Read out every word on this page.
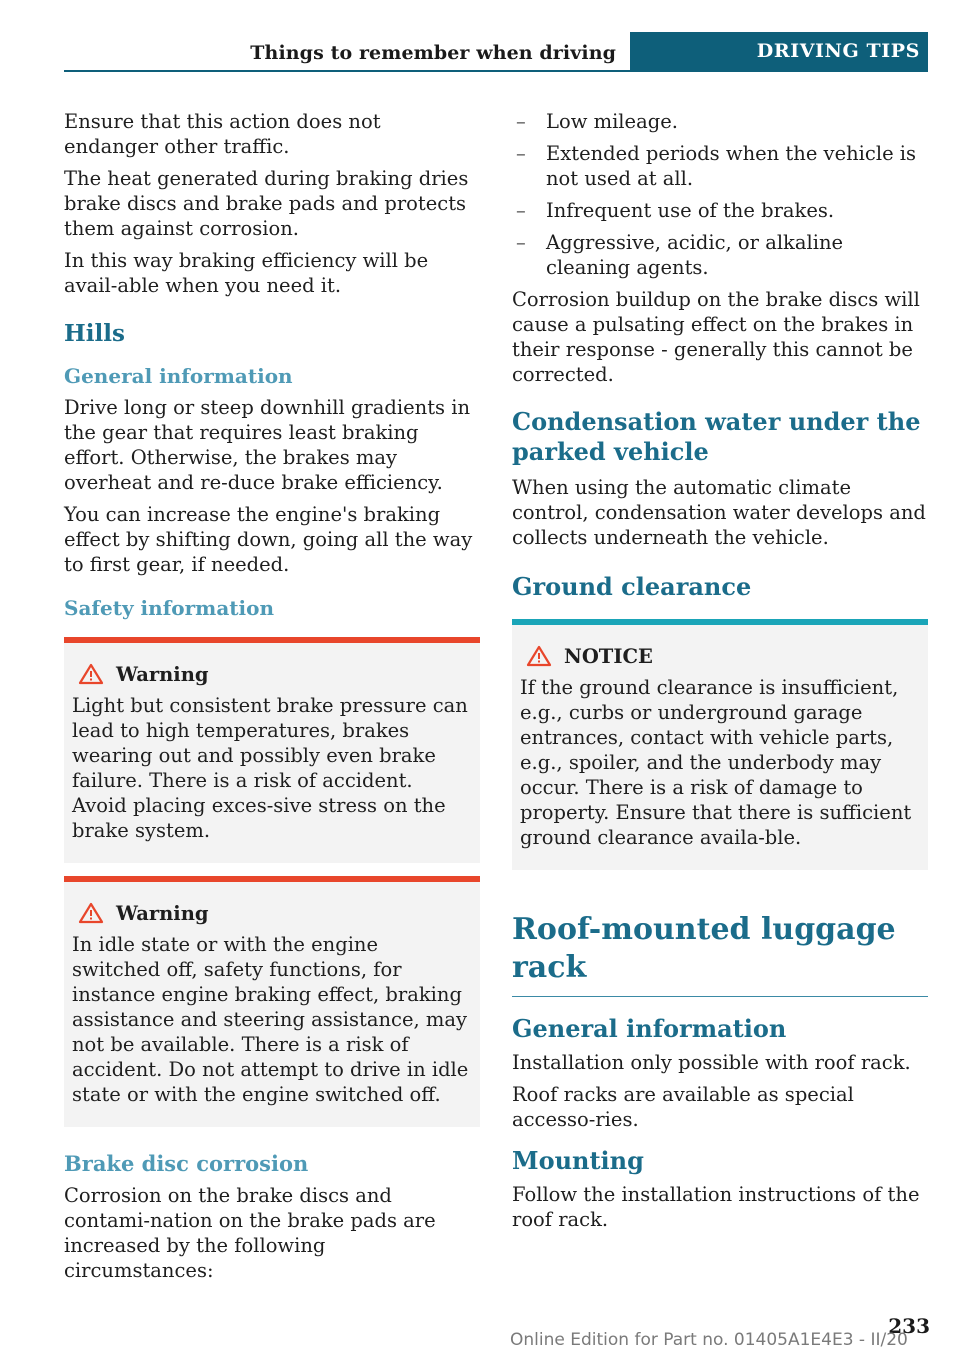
Things to remember when driving	DRIVING TIPS

Ensure that this action does not endanger other traffic.

The heat generated during braking dries brake discs and brake pads and protects them against corrosion.

In this way braking efficiency will be avail-able when you need it.

Hills
General information

Drive long or steep downhill gradients in the gear that requires least braking effort. Otherwise, the brakes may overheat and re-duce brake efficiency.

You can increase the engine's braking effect by shifting down, going all the way to first gear, if needed.

Safety information
Warning

Light but consistent brake pressure can lead to high temperatures, brakes wearing out and possibly even brake failure. There is a risk of accident. Avoid placing exces-sive stress on the brake system.

Warning

In idle state or with the engine switched off, safety functions, for instance engine braking effect, braking assistance and steering assistance, may not be available. There is a risk of accident. Do not attempt to drive in idle state or with the engine switched off.

Brake disc corrosion

Corrosion on the brake discs and contami-nation on the brake pads are increased by the following circumstances:

– Low mileage.
– Extended periods when the vehicle is not used at all.
– Infrequent use of the brakes.
– Aggressive, acidic, or alkaline cleaning agents.

Corrosion buildup on the brake discs will cause a pulsating effect on the brakes in their response - generally this cannot be corrected.

Condensation water under the parked vehicle

When using the automatic climate control, condensation water develops and collects underneath the vehicle.

Ground clearance
NOTICE

If the ground clearance is insufficient, e.g., curbs or underground garage entrances, contact with vehicle parts, e.g., spoiler, and the underbody may occur. There is a risk of damage to property. Ensure that there is sufficient ground clearance availa-ble.

Roof-mounted luggage rack
General information

Installation only possible with roof rack.

Roof racks are available as special accesso-ries.

Mounting

Follow the installation instructions of the roof rack.

233
Online Edition for Part no. 01405A1E4E3 - II/20
